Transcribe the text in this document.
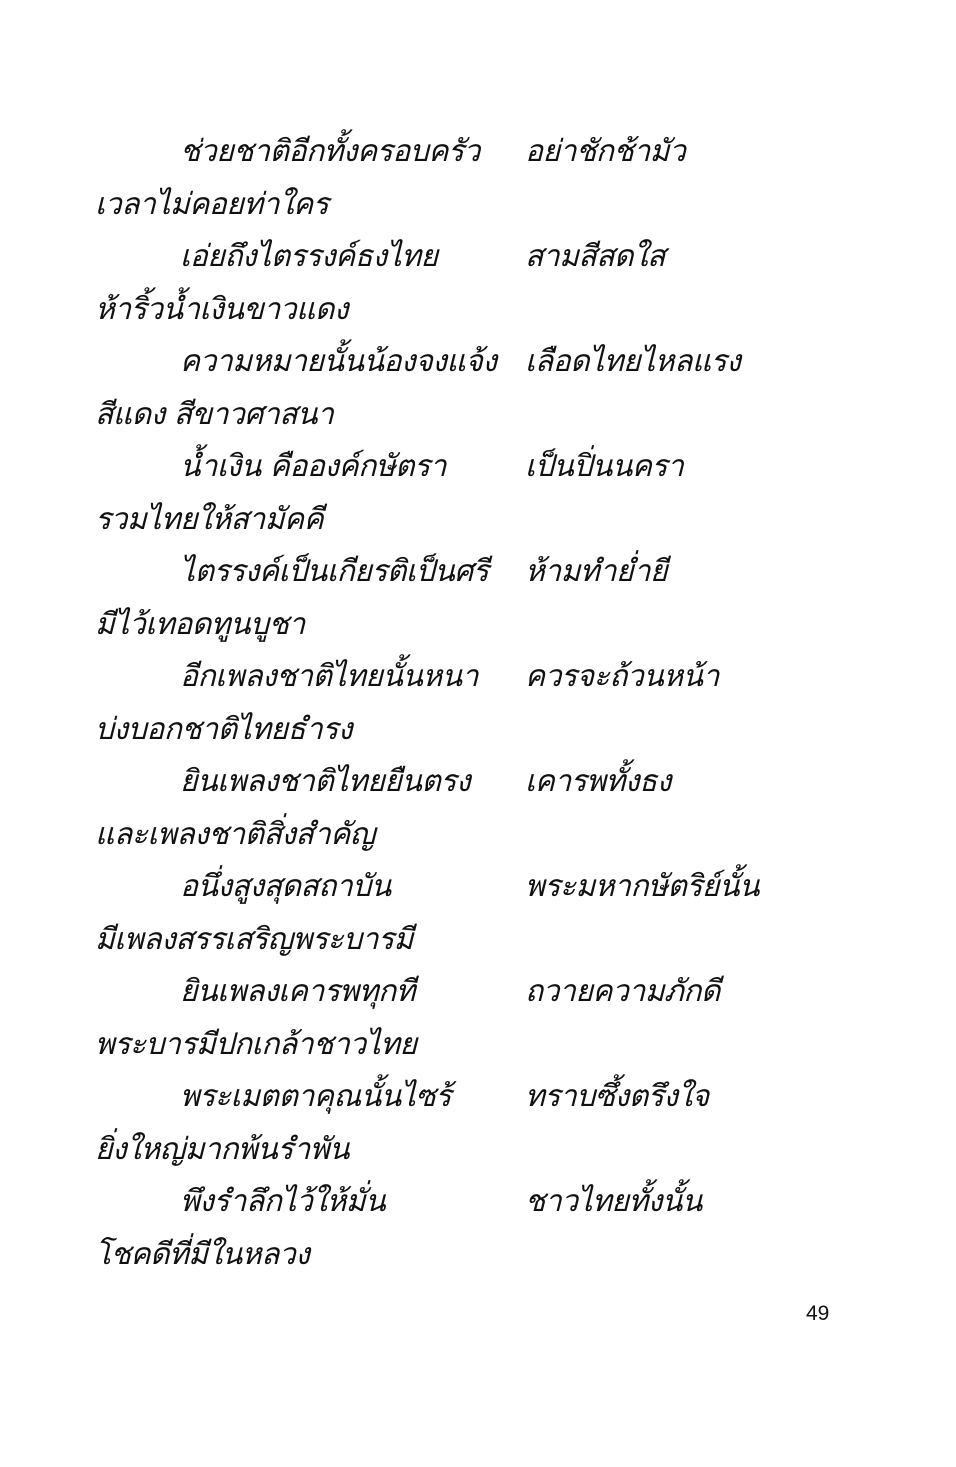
ช่วยชาติอีกทั้งครอบครัว	อย่าชักช้ามัว
เวลาไม่คอยท่าใคร
เอ่ยถึงไตรรงค์ธงไทย	สามสีสดใส
ห้าริ้วน้ำเงินขาวแดง
ความหมายนั้นน้องจงแจ้ง เลือดไทยไหลแรง
สีแดง สีขาวศาสนา
น้ำเงิน คือองค์กษัตรา	เป็นปิ่นนครา
รวมไทยให้สามัคคี
ไตรรงค์เป็นเกียรติเป็นศรี	ห้ามทำย่ำยี
มีไว้เทอดทูนบูชา
อีกเพลงชาติไทยนั้นหนา	ควรจะถ้วนหน้า
บ่งบอกชาติไทยธำรง
ยินเพลงชาติไทยยืนตรง	เคารพทั้งธง
และเพลงชาติสิ่งสำคัญ
อนึ่งสูงสุดสถาบัน	พระมหากษัตริย์นั้น
มีเพลงสรรเสริญพระบารมี
ยินเพลงเคารพทุกที	ถวายความภักดี
พระบารมีปกเกล้าชาวไทย
พระเมตตาคุณนั้นไซร้	ทราบซึ้งตรึงใจ
ยิ่งใหญ่มากพ้นรำพัน
พึงรำลึกไว้ให้มั่น	ชาวไทยทั้งนั้น
โชคดีที่มีในหลวง
49
